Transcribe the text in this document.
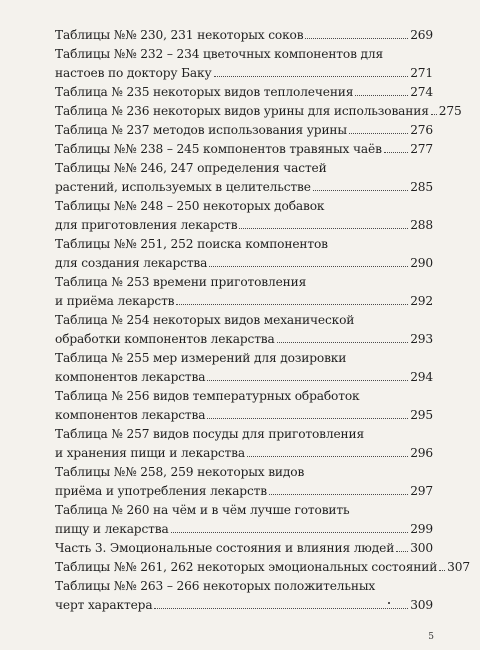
Таблицы №№ 230, 231 некоторых соков	269
Таблицы №№ 232 – 234 цветочных компонентов для
настоев по доктору Баку	271
Таблица № 235 некоторых видов теплолечения	274
Таблица № 236 некоторых видов урины для использования 275
Таблица № 237 методов использования урины	276
Таблицы №№ 238 – 245 компонентов травяных чаёв 277
Таблицы №№ 246, 247 определения частей
растений, используемых в целительстве	285
Таблицы №№ 248 – 250 некоторых добавок
для приготовления лекарств	288
Таблицы №№ 251, 252 поиска компонентов
для создания лекарства	290
Таблица № 253 времени приготовления
и приёма лекарств	292
Таблица № 254 некоторых видов механической
обработки компонентов лекарства	293
Таблица № 255 мер измерений для дозировки
компонентов лекарства	294
Таблица № 256 видов температурных обработок
компонентов лекарства	295
Таблица № 257 видов посуды для приготовления
и хранения пищи и лекарства	296
Таблицы №№ 258, 259 некоторых видов
приёма и употребления лекарств	297
Таблица № 260 на чём и в чём лучше готовить
пищу и лекарства	299
Часть 3. Эмоциональные состояния и влияния людей 300
Таблицы №№ 261, 262 некоторых эмоциональных состояний 307
Таблицы №№ 263 – 266 некоторых положительных
черт характера	309
5
